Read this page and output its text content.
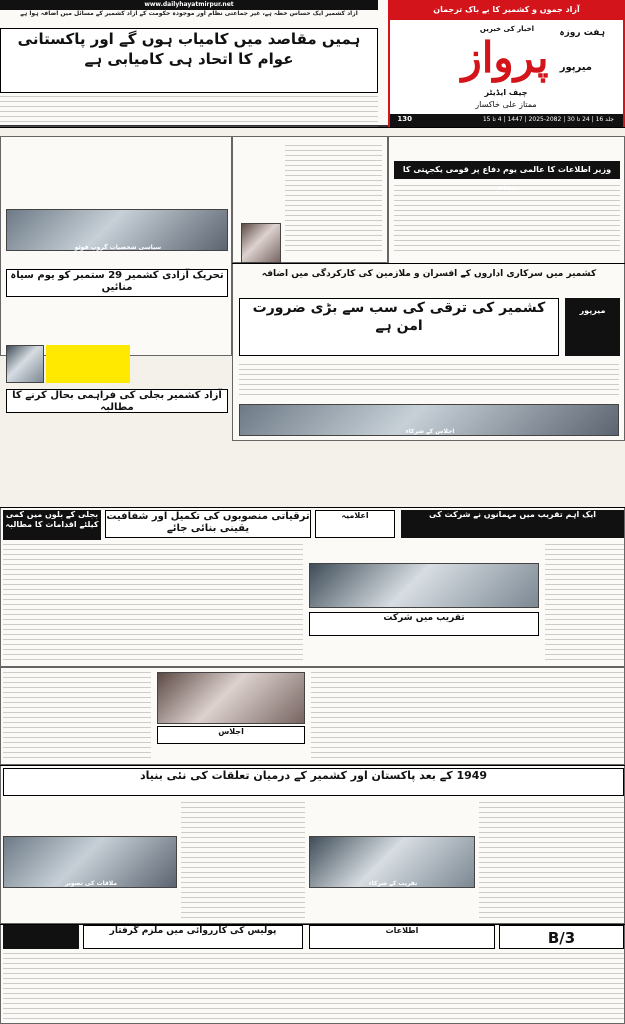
www.dailyhayatmirpur.net
آزاد کشمیر ایک حساس خطہ ہے، غیر جماعتی نظام اور موجودہ حکومت کے آزاد کشمیر کے مسائل میں اضافہ ہوا ہے	آزاد جموں و کشمیر کا بے باک ترجمان
اخبار کی خبریں
پرواز	میرپور
ہفت روزہ
چیف ایڈیٹر
ممتاز علی خاکسار
جلد 16 | 24 تا 30 | 2082-2025 | 1447 | 4 تا 15
130
ہمیں مقاصد میں کامیاب ہوں گے اور پاکستانی عوام کا اتحاد ہی کامیابی ہے
وزیر اطلاعات کا عالمی یوم دفاع پر قومی یکجہتی کا پیغام
سیاسی شخصیات گروپ فوٹو
تحریک آزادی کشمیر 29 ستمبر کو یوم سیاہ منائیں
آزاد کشمیر بجلی کی فراہمی بحال کرنے کا مطالبہ
کشمیر میں سرکاری اداروں کے افسران و ملازمین کی کارکردگی میں اضافہ
کشمیر کی ترقی کی سب سے بڑی ضرورت امن ہے
میرپور
اجلاس کے شرکاء
بجلی کے بلوں میں کمی کیلئے اقدامات کا مطالبہ
ترقیاتی منصوبوں کی تکمیل اور شفافیت یقینی بنائی جائے
اعلامیہ	ایک اہم تقریب میں مہمانوں نے شرکت کی
تقریب میں شرکت
اجلاس
1949 کے بعد پاکستان اور کشمیر کے درمیان تعلقات کی نئی بنیاد
ملاقات کی تصویر	تقریب کے شرکاء
پولیس کی کارروائی میں ملزم گرفتار	اطلاعات	B/3
